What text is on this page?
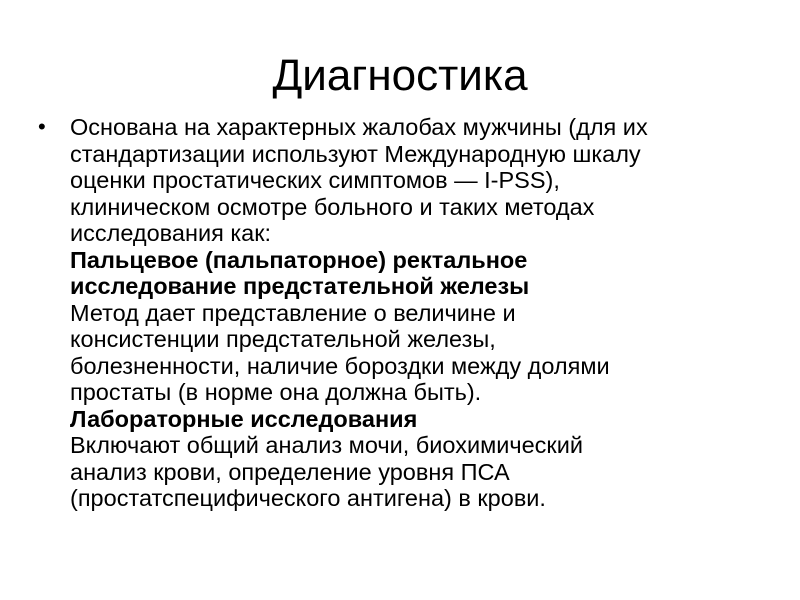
Диагностика
• Основана на характерных жалобах мужчины (для их
стандартизации используют Международную шкалу
оценки простатических симптомов — I-PSS),
клиническом осмотре больного и таких методах
исследования как:
Пальцевое (пальпаторное) ректальное
исследование предстательной железы
Метод дает представление о величине и
консистенции предстательной железы,
болезненности, наличие бороздки между долями
простаты (в норме она должна быть).
Лабораторные исследования
Включают общий анализ мочи, биохимический
анализ крови, определение уровня ПСА
(простатспецифического антигена) в крови.
